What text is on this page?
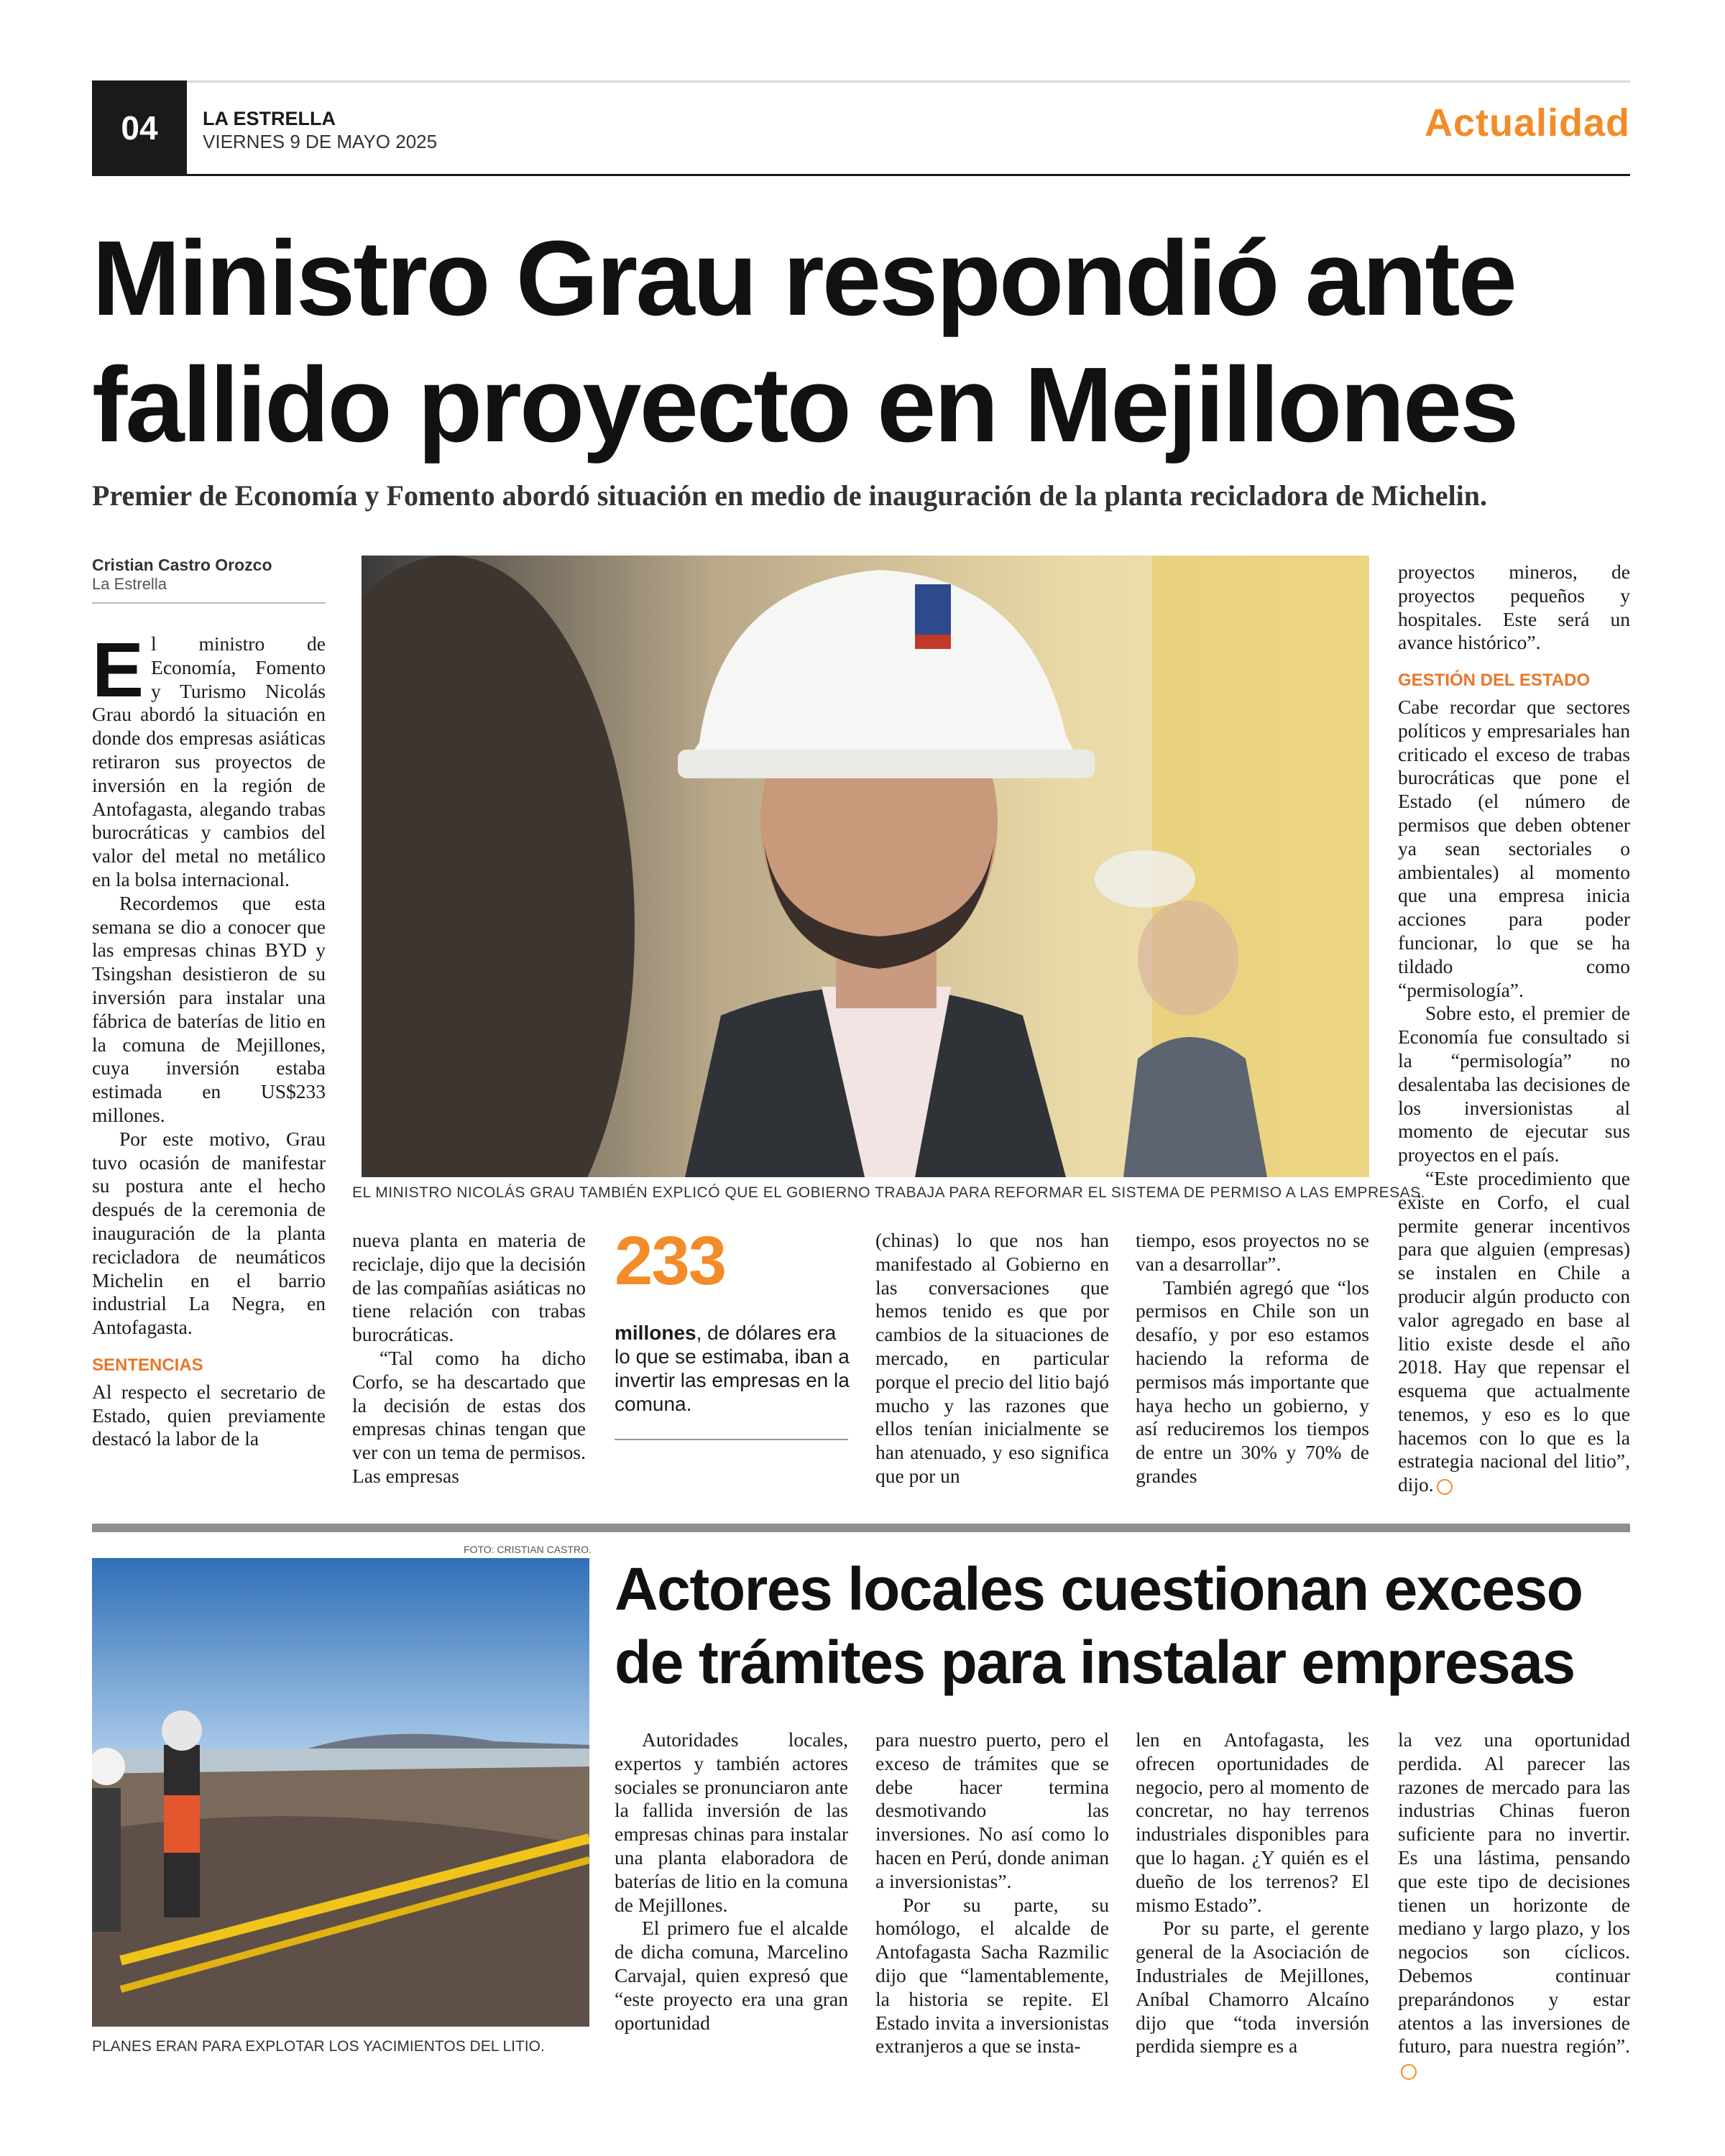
04	LA ESTRELLA
VIERNES 9 DE MAYO 2025	Actualidad
Ministro Grau respondió ante
fallido proyecto en Mejillones
Premier de Economía y Fomento abordó situación en medio de inauguración de la planta recicladora de Michelin.
Cristian Castro Orozco
La Estrella

El ministro de Economía, Fomento y Turismo Nicolás Grau abordó la situación en donde dos empresas asiáticas retiraron sus proyectos de inversión en la región de Antofagasta, alegando trabas burocráticas y cambios del valor del metal no metálico en la bolsa internacional.

Recordemos que esta semana se dio a conocer que las empresas chinas BYD y Tsingshan desistieron de su inversión para instalar una fábrica de baterías de litio en la comuna de Mejillones, cuya inversión estaba estimada en US$233 millones.

Por este motivo, Grau tuvo ocasión de manifestar su postura ante el hecho después de la ceremonia de inauguración de la planta recicladora de neumáticos Michelin en el barrio industrial La Negra, en Antofagasta.

SENTENCIAS

Al respecto el secretario de Estado, quien previamente destacó la labor de la

EL MINISTRO NICOLÁS GRAU TAMBIÉN EXPLICÓ QUE EL GOBIERNO TRABAJA PARA REFORMAR EL SISTEMA DE PERMISO A LAS EMPRESAS.

nueva planta en materia de reciclaje, dijo que la decisión de las compañías asiáticas no tiene relación con trabas burocráticas.

“Tal como ha dicho Corfo, se ha descartado que la decisión de estas dos empresas chinas tengan que ver con un tema de permisos. Las empresas

233
millones, de dólares era lo que se estimaba, iban a invertir las empresas en la comuna.

(chinas) lo que nos han manifestado al Gobierno en las conversaciones que hemos tenido es que por cambios de la situaciones de mercado, en particular porque el precio del litio bajó mucho y las razones que ellos tenían inicialmente se han atenuado, y eso significa que por un

tiempo, esos proyectos no se van a desarrollar”.

También agregó que “los permisos en Chile son un desafío, y por eso estamos haciendo la reforma de permisos más importante que haya hecho un gobierno, y así reduciremos los tiempos de entre un 30% y 70% de grandes

proyectos mineros, de proyectos pequeños y hospitales. Este será un avance histórico”.

GESTIÓN DEL ESTADO

Cabe recordar que sectores políticos y empresariales han criticado el exceso de trabas burocráticas que pone el Estado (el número de permisos que deben obtener ya sean sectoriales o ambientales) al momento que una empresa inicia acciones para poder funcionar, lo que se ha tildado como “permisología”.

Sobre esto, el premier de Economía fue consultado si la “permisología” no desalentaba las decisiones de los inversionistas al momento de ejecutar sus proyectos en el país.

“Este procedimiento que existe en Corfo, el cual permite generar incentivos para que alguien (empresas) se instalen en Chile a producir algún producto con valor agregado en base al litio existe desde el año 2018. Hay que repensar el esquema que actualmente tenemos, y eso es lo que hacemos con lo que es la estrategia nacional del litio”, dijo.

FOTO: CRISTIAN CASTRO.
PLANES ERAN PARA EXPLOTAR LOS YACIMIENTOS DEL LITIO.
Actores locales cuestionan exceso
de trámites para instalar empresas

Autoridades locales, expertos y también actores sociales se pronunciaron ante la fallida inversión de las empresas chinas para instalar una planta elaboradora de baterías de litio en la comuna de Mejillones.

El primero fue el alcalde de dicha comuna, Marcelino Carvajal, quien expresó que “este proyecto era una gran oportunidad

para nuestro puerto, pero el exceso de trámites que se debe hacer termina desmotivando las inversiones. No así como lo hacen en Perú, donde animan a inversionistas”.

Por su parte, su homólogo, el alcalde de Antofagasta Sacha Razmilic dijo que “lamentablemente, la historia se repite. El Estado invita a inversionistas extranjeros a que se insta-

len en Antofagasta, les ofrecen oportunidades de negocio, pero al momento de concretar, no hay terrenos industriales disponibles para que lo hagan. ¿Y quién es el dueño de los terrenos? El mismo Estado”.

Por su parte, el gerente general de la Asociación de Industriales de Mejillones, Aníbal Chamorro Alcaíno dijo que “toda inversión perdida siempre es a

la vez una oportunidad perdida. Al parecer las razones de mercado para las industrias Chinas fueron suficiente para no invertir. Es una lástima, pensando que este tipo de decisiones tienen un horizonte de mediano y largo plazo, y los negocios son cíclicos. Debemos continuar preparándonos y estar atentos a las inversiones de futuro, para nuestra región”.
